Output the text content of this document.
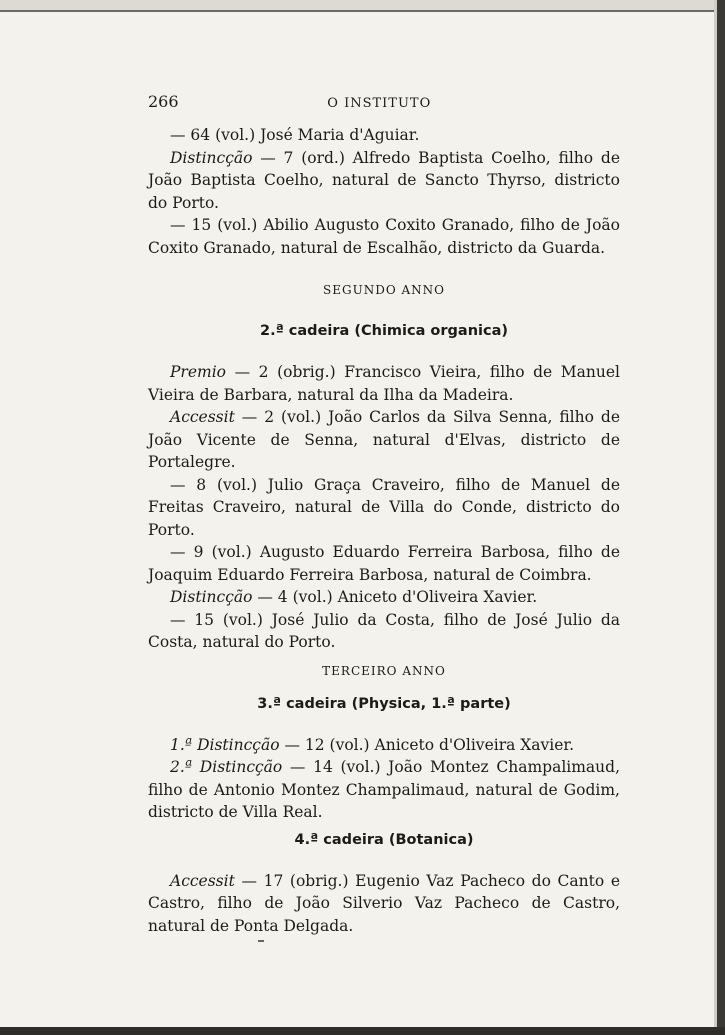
266	O INSTITUTO

— 64 (vol.) José Maria d'Aguiar.

Distincção — 7 (ord.) Alfredo Baptista Coelho, filho de João Baptista Coelho, natural de Sancto Thyrso, districto do Porto.

— 15 (vol.) Abilio Augusto Coxito Granado, filho de João Coxito Granado, natural de Escalhão, districto da Guarda.

SEGUNDO ANNO

2.ª cadeira (Chimica organica)

Premio — 2 (obrig.) Francisco Vieira, filho de Manuel Vieira de Barbara, natural da Ilha da Madeira.

Accessit — 2 (vol.) João Carlos da Silva Senna, filho de João Vicente de Senna, natural d'Elvas, districto de Portalegre.

— 8 (vol.) Julio Graça Craveiro, filho de Manuel de Freitas Craveiro, natural de Villa do Conde, districto do Porto.

— 9 (vol.) Augusto Eduardo Ferreira Barbosa, filho de Joaquim Eduardo Ferreira Barbosa, natural de Coimbra.

Distincção — 4 (vol.) Aniceto d'Oliveira Xavier.

— 15 (vol.) José Julio da Costa, filho de José Julio da Costa, natural do Porto.

TERCEIRO ANNO

3.ª cadeira (Physica, 1.ª parte)

1.ª Distincção — 12 (vol.) Aniceto d'Oliveira Xavier.

2.ª Distincção — 14 (vol.) João Montez Champalimaud, filho de Antonio Montez Champalimaud, natural de Godim, districto de Villa Real.

4.ª cadeira (Botanica)

Accessit — 17 (obrig.) Eugenio Vaz Pacheco do Canto e Castro, filho de João Silverio Vaz Pacheco de Castro, natural de Ponta Delgada.
